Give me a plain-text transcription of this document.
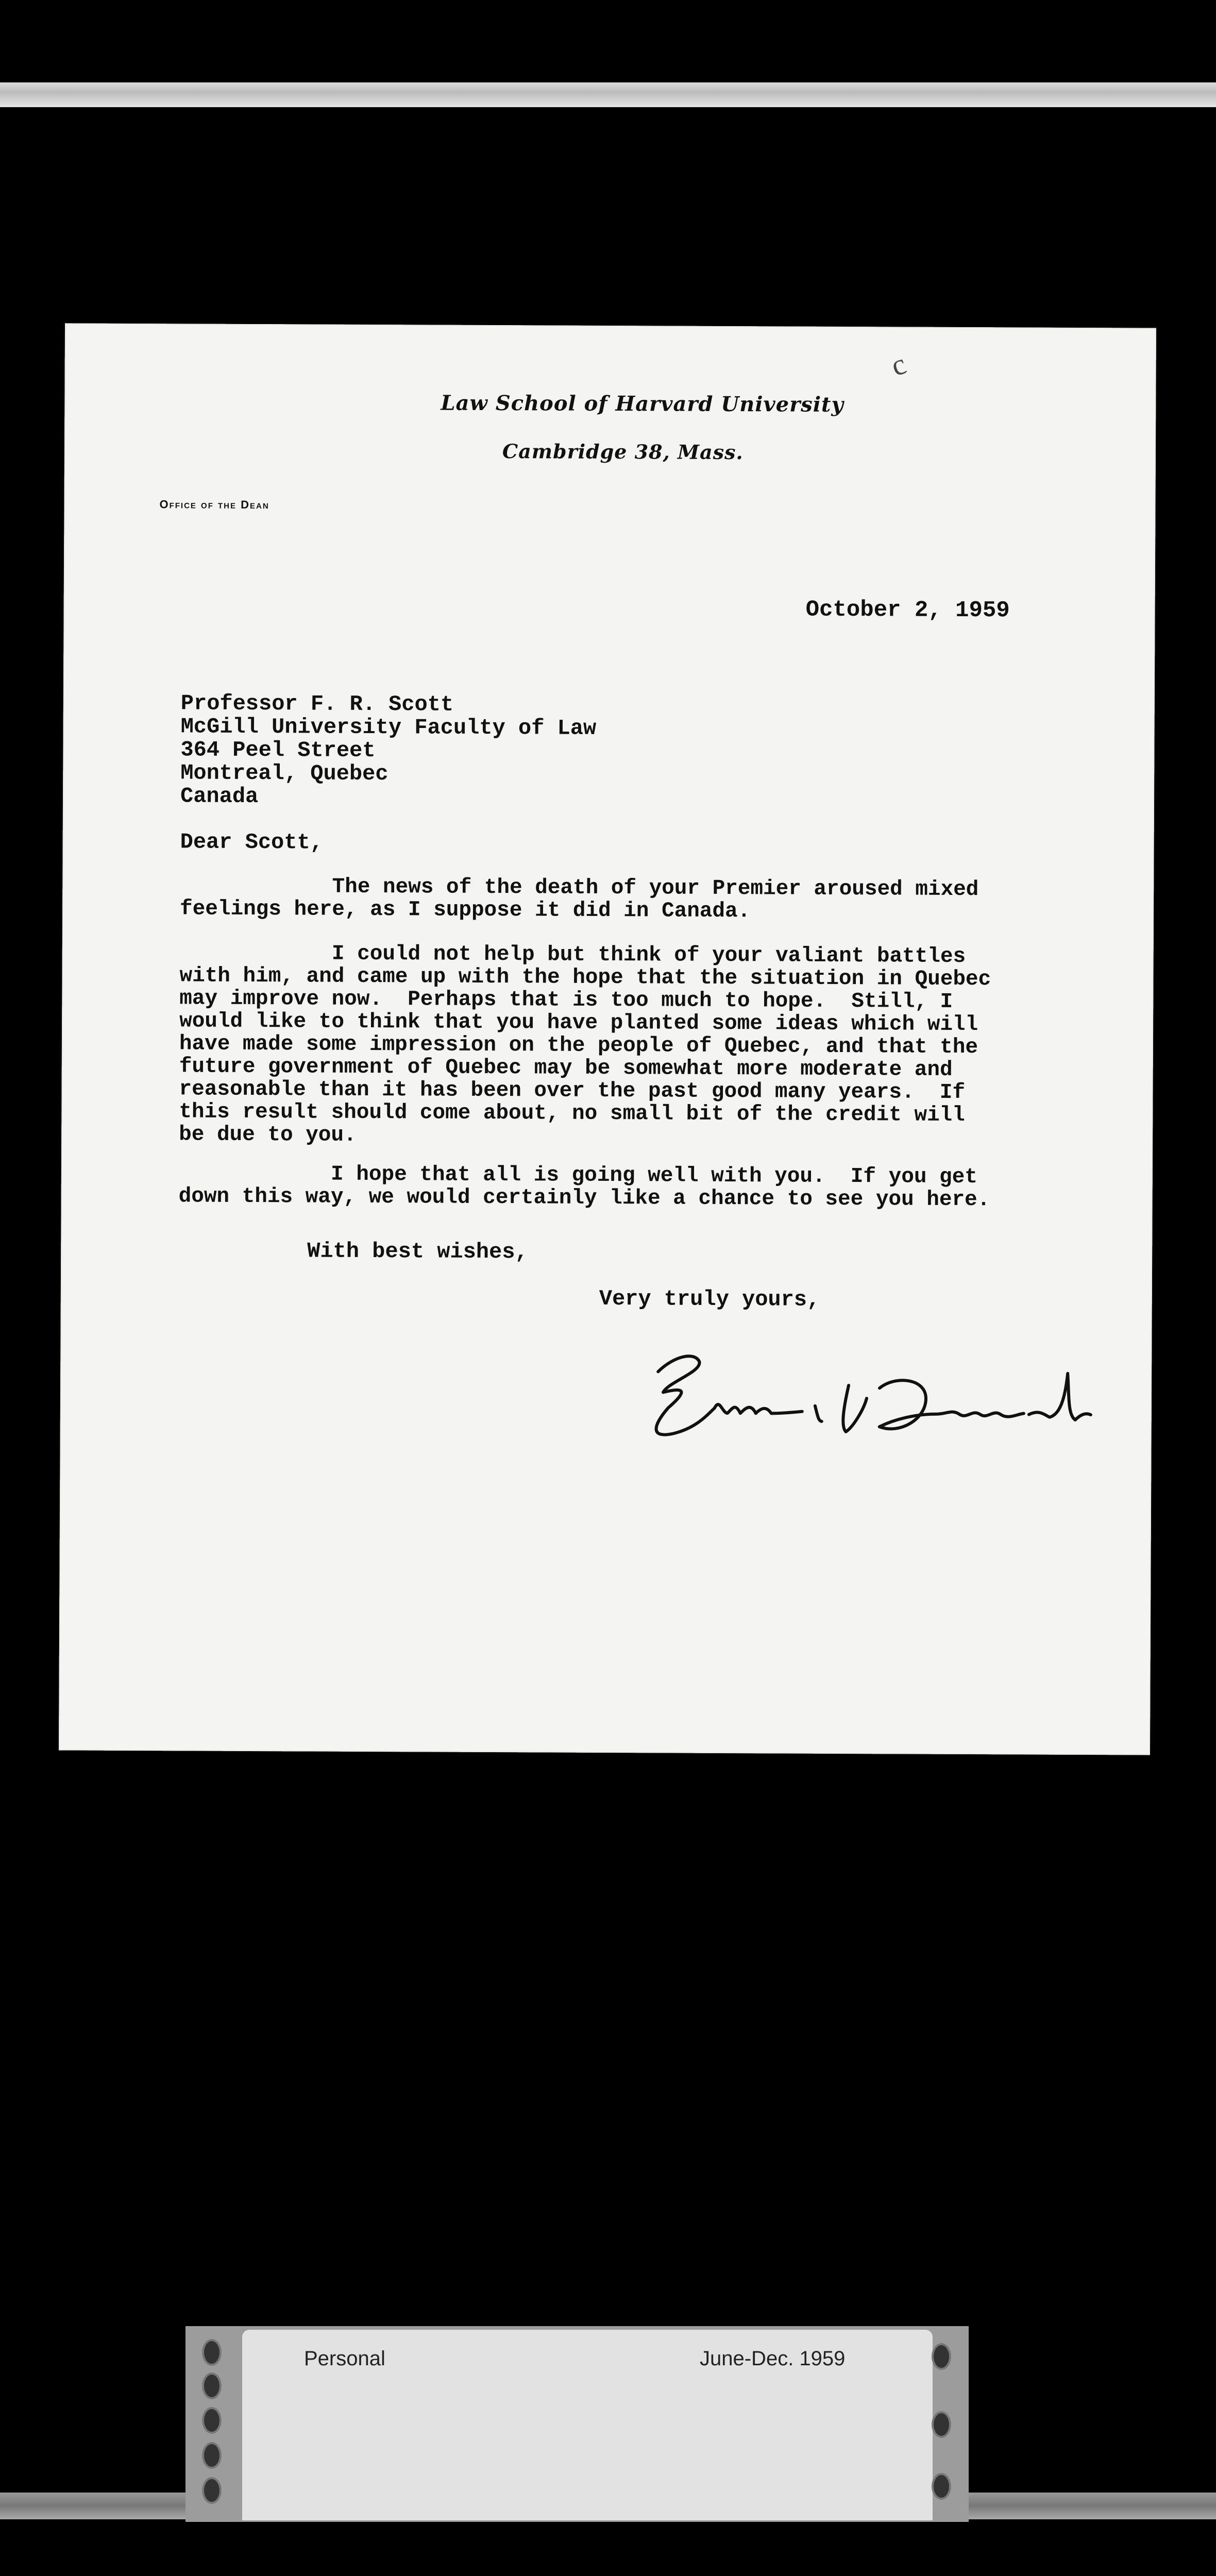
c
Law School of Harvard University
Cambridge 38, Mass.
Office of the Dean
October 2, 1959
Professor F. R. Scott
McGill University Faculty of Law
364 Peel Street
Montreal, Quebec
Canada
Dear Scott,
The news of the death of your Premier aroused mixed
feelings here, as I suppose it did in Canada.
I could not help but think of your valiant battles
with him, and came up with the hope that the situation in Quebec
may improve now.  Perhaps that is too much to hope.  Still, I
would like to think that you have planted some ideas which will
have made some impression on the people of Quebec, and that the
future government of Quebec may be somewhat more moderate and
reasonable than it has been over the past good many years.  If
this result should come about, no small bit of the credit will
be due to you.
I hope that all is going well with you.  If you get
down this way, we would certainly like a chance to see you here.
With best wishes,
Very truly yours,
Personal	June-Dec. 1959
